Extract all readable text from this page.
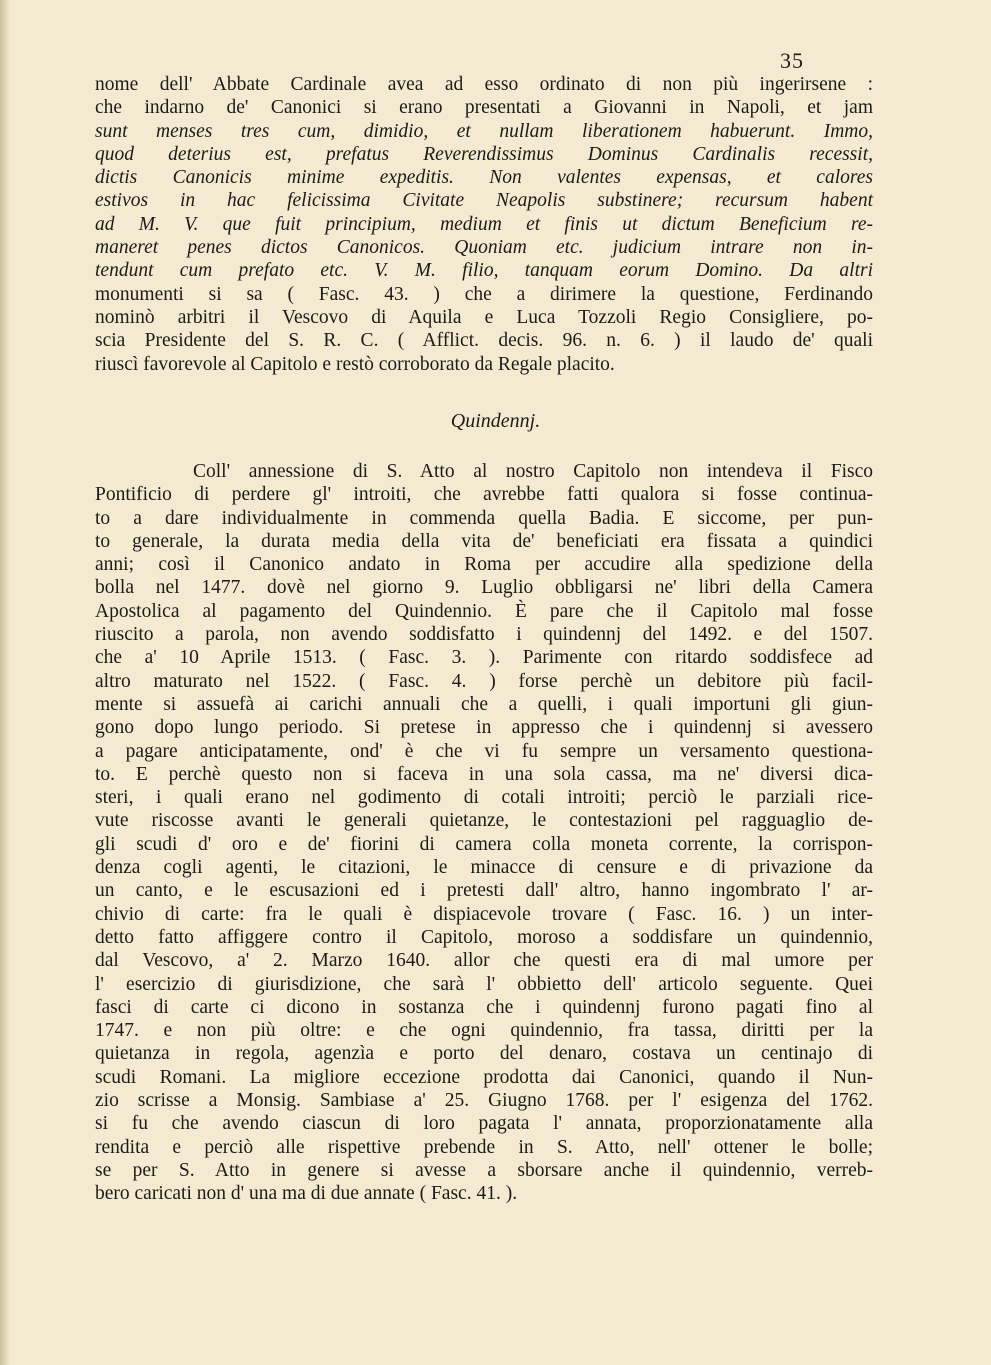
35
nome dell' Abbate Cardinale avea ad esso ordinato di non più ingerirsene :
che indarno de' Canonici si erano presentati a Giovanni in Napoli, et jam
sunt menses tres cum, dimidio, et nullam liberationem habuerunt. Immo,
quod deterius est, prefatus Reverendissimus Dominus Cardinalis recessit,
dictis Canonicis minime expeditis. Non valentes expensas, et calores
estivos in hac felicissima Civitate Neapolis substinere; recursum habent
ad M. V. que fuit principium, medium et finis ut dictum Beneficium re-
maneret penes dictos Canonicos. Quoniam etc. judicium intrare non in-
tendunt cum prefato etc. V. M. filio, tanquam eorum Domino. Da altri
monumenti si sa ( Fasc. 43. ) che a dirimere la questione, Ferdinando
nominò arbitri il Vescovo di Aquila e Luca Tozzoli Regio Consigliere, po-
scia Presidente del S. R. C. ( Afflict. decis. 96. n. 6. ) il laudo de' quali
riuscì favorevole al Capitolo e restò corroborato da Regale placito.
Quindennj.
Coll' annessione di S. Atto al nostro Capitolo non intendeva il Fisco
Pontificio di perdere gl' introiti, che avrebbe fatti qualora si fosse continua-
to a dare individualmente in commenda quella Badia. E siccome, per pun-
to generale, la durata media della vita de' beneficiati era fissata a quindici
anni; così il Canonico andato in Roma per accudire alla spedizione della
bolla nel 1477. dovè nel giorno 9. Luglio obbligarsi ne' libri della Camera
Apostolica al pagamento del Quindennio. È pare che il Capitolo mal fosse
riuscito a parola, non avendo soddisfatto i quindennj del 1492. e del 1507.
che a' 10 Aprile 1513. ( Fasc. 3. ). Parimente con ritardo soddisfece ad
altro maturato nel 1522. ( Fasc. 4. ) forse perchè un debitore più facil-
mente si assuefà ai carichi annuali che a quelli, i quali importuni gli giun-
gono dopo lungo periodo. Si pretese in appresso che i quindennj si avessero
a pagare anticipatamente, ond' è che vi fu sempre un versamento questiona-
to. E perchè questo non si faceva in una sola cassa, ma ne' diversi dica-
steri, i quali erano nel godimento di cotali introiti; perciò le parziali rice-
vute riscosse avanti le generali quietanze, le contestazioni pel ragguaglio de-
gli scudi d' oro e de' fiorini di camera colla moneta corrente, la corrispon-
denza cogli agenti, le citazioni, le minacce di censure e di privazione da
un canto, e le escusazioni ed i pretesti dall' altro, hanno ingombrato l' ar-
chivio di carte: fra le quali è dispiacevole trovare ( Fasc. 16. ) un inter-
detto fatto affiggere contro il Capitolo, moroso a soddisfare un quindennio,
dal Vescovo, a' 2. Marzo 1640. allor che questi era di mal umore per
l' esercizio di giurisdizione, che sarà l' obbietto dell' articolo seguente. Quei
fasci di carte ci dicono in sostanza che i quindennj furono pagati fino al
1747. e non più oltre: e che ogni quindennio, fra tassa, diritti per la
quietanza in regola, agenzìa e porto del denaro, costava un centinajo di
scudi Romani. La migliore eccezione prodotta dai Canonici, quando il Nun-
zio scrisse a Monsig. Sambiase a' 25. Giugno 1768. per l' esigenza del 1762.
si fu che avendo ciascun di loro pagata l' annata, proporzionatamente alla
rendita e perciò alle rispettive prebende in S. Atto, nell' ottener le bolle;
se per S. Atto in genere si avesse a sborsare anche il quindennio, verreb-
bero caricati non d' una ma di due annate ( Fasc. 41. ).
